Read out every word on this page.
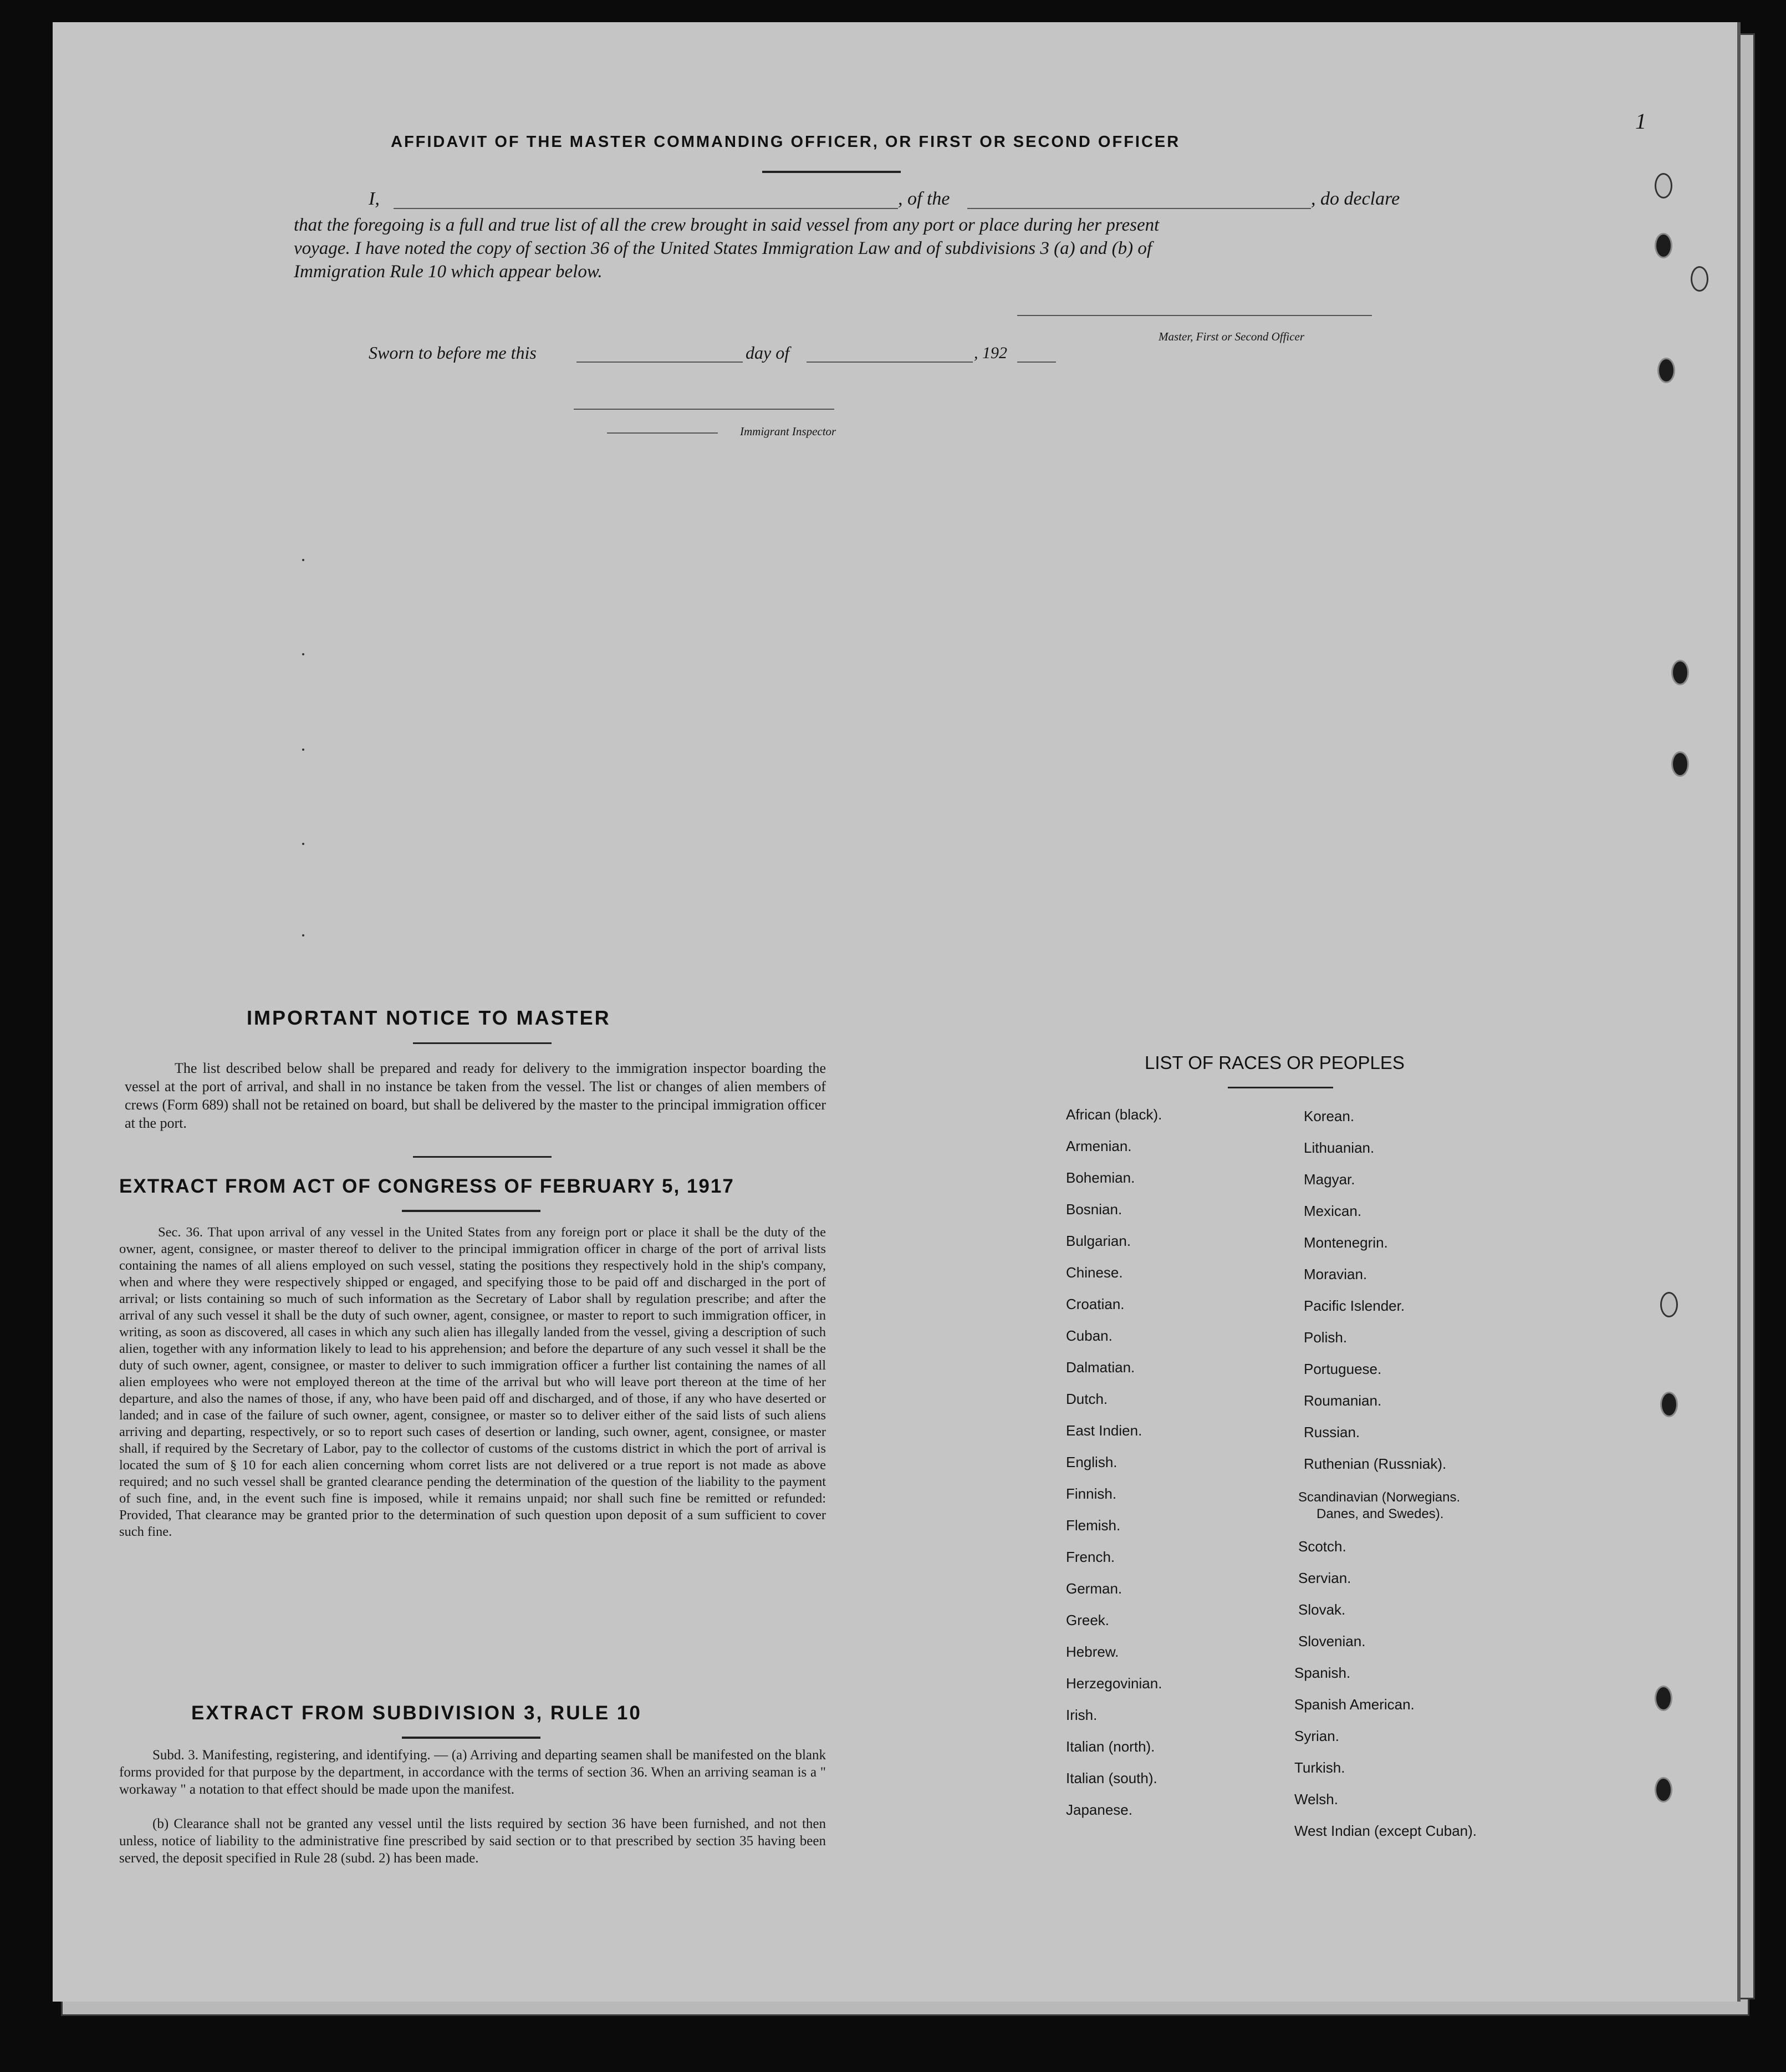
AFFIDAVIT OF THE MASTER COMMANDING OFFICER, OR FIRST OR SECOND OFFICER
I,	, of the	, do declare
that the foregoing is a full and true list of all the crew brought in said vessel from any port or place during her present
voyage. I have noted the copy of section 36 of the United States Immigration Law and of subdivisions 3 (a) and (b) of
Immigration Rule 10 which appear below.
Master, First or Second Officer
Sworn to before me this	day of	, 192
Immigrant Inspector
IMPORTANT NOTICE TO MASTER
The list described below shall be prepared and ready for delivery to the immigration inspector boarding the vessel at the port of arrival, and shall in no instance be taken from the vessel. The list or changes of alien members of crews (Form 689) shall not be retained on board, but shall be delivered by the master to the principal immigration officer at the port.
EXTRACT FROM ACT OF CONGRESS OF FEBRUARY 5, 1917
Sec. 36. That upon arrival of any vessel in the United States from any foreign port or place it shall be the duty of the owner, agent, consignee, or master thereof to deliver to the principal immigration officer in charge of the port of arrival lists containing the names of all aliens employed on such vessel, stating the positions they respectively hold in the ship's company, when and where they were respectively shipped or engaged, and specifying those to be paid off and discharged in the port of arrival; or lists containing so much of such information as the Secretary of Labor shall by regulation prescribe; and after the arrival of any such vessel it shall be the duty of such owner, agent, consignee, or master to report to such immigration officer, in writing, as soon as discovered, all cases in which any such alien has illegally landed from the vessel, giving a description of such alien, together with any information likely to lead to his apprehension; and before the departure of any such vessel it shall be the duty of such owner, agent, consignee, or master to deliver to such immigration officer a further list containing the names of all alien employees who were not employed thereon at the time of the arrival but who will leave port thereon at the time of her departure, and also the names of those, if any, who have been paid off and discharged, and of those, if any who have deserted or landed; and in case of the failure of such owner, agent, consignee, or master so to deliver either of the said lists of such aliens arriving and departing, respectively, or so to report such cases of desertion or landing, such owner, agent, consignee, or master shall, if required by the Secretary of Labor, pay to the collector of customs of the customs district in which the port of arrival is located the sum of § 10 for each alien concerning whom corret lists are not delivered or a true report is not made as above required; and no such vessel shall be granted clearance pending the determination of the question of the liability to the payment of such fine, and, in the event such fine is imposed, while it remains unpaid; nor shall such fine be remitted or refunded: Provided, That clearance may be granted prior to the determination of such question upon deposit of a sum sufficient to cover such fine.
EXTRACT FROM SUBDIVISION 3, RULE 10
Subd. 3. Manifesting, registering, and identifying. — (a) Arriving and departing seamen shall be manifested on the blank forms provided for that purpose by the department, in accordance with the terms of section 36. When an arriving seaman is a " workaway " a notation to that effect should be made upon the manifest.
(b) Clearance shall not be granted any vessel until the lists required by section 36 have been furnished, and not then unless, notice of liability to the administrative fine prescribed by said section or to that prescribed by section 35 having been served, the deposit specified in Rule 28 (subd. 2) has been made.
LIST OF RACES OR PEOPLES
African (black).
Armenian.
Bohemian.
Bosnian.
Bulgarian.
Chinese.
Croatian.
Cuban.
Dalmatian.
Dutch.
East Indien.
English.
Finnish.
Flemish.
French.
German.
Greek.
Hebrew.
Herzegovinian.
Irish.
Italian (north).
Italian (south).
Japanese.
Korean.
Lithuanian.
Magyar.
Mexican.
Montenegrin.
Moravian.
Pacific Islender.
Polish.
Portuguese.
Roumanian.
Russian.
Ruthenian (Russniak).
Scandinavian (Norwegians.
Danes, and Swedes).
Scotch.
Servian.
Slovak.
Slovenian.
Spanish.
Spanish American.
Syrian.
Turkish.
Welsh.
West Indian (except Cuban).
1
